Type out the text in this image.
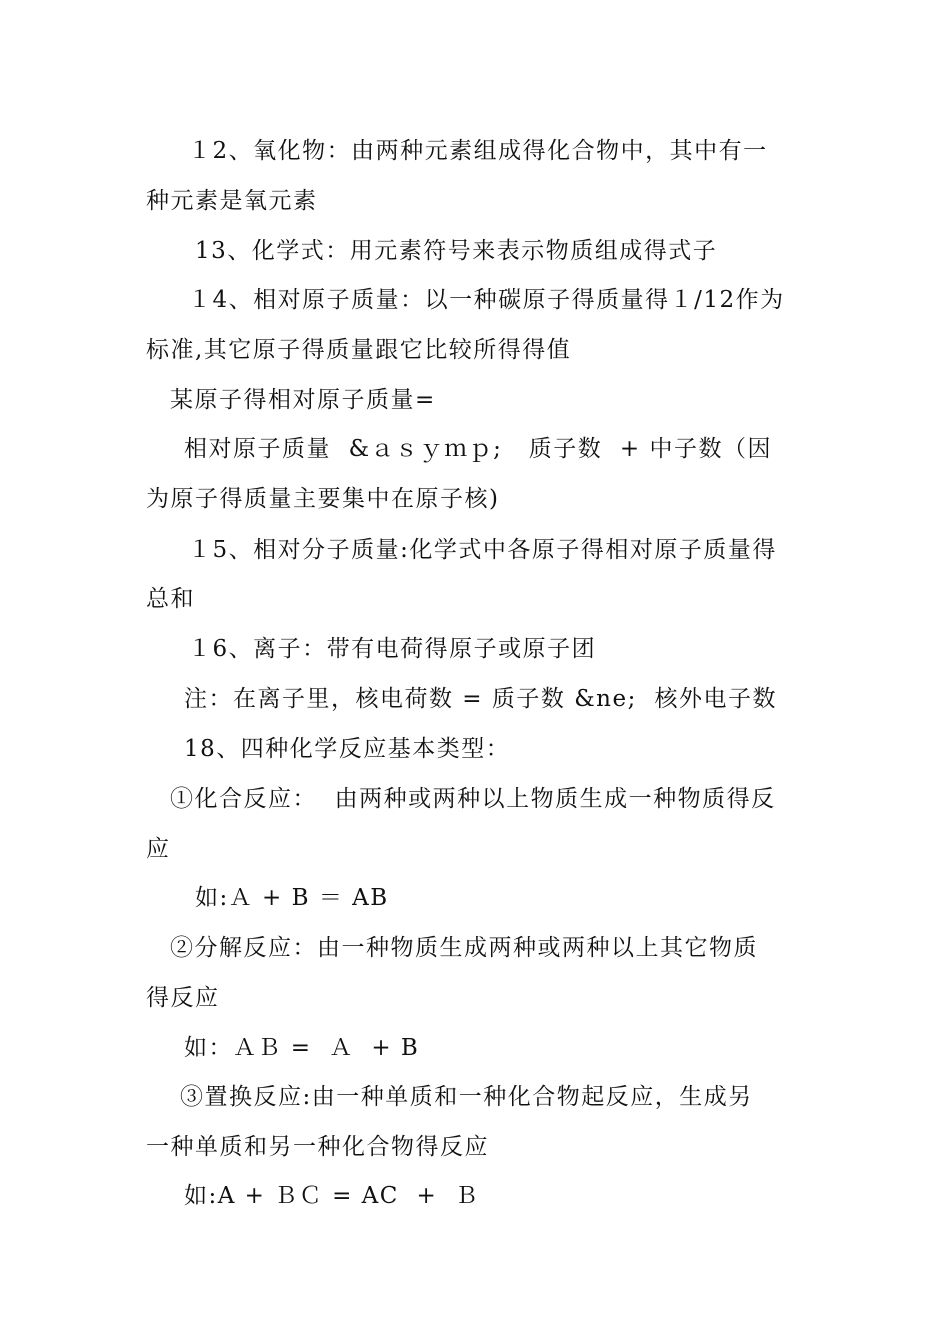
１2、氧化物：由两种元素组成得化合物中，其中有一
种元素是氧元素
13、化学式：用元素符号来表示物质组成得式子
１4、相对原子质量：以一种碳原子得质量得１/12作为
标准,其它原子得质量跟它比较所得得值
某原子得相对原子质量=
相对原子质量  &ａｓｙｍｐ;   质子数  + 中子数（因
为原子得质量主要集中在原子核)
１5、相对分子质量:化学式中各原子得相对原子质量得
总和
１6、离子：带有电荷得原子或原子团
注：在离子里，核电荷数 = 质子数 &ne;  核外电子数
18、四种化学反应基本类型：
①化合反应：  由两种或两种以上物质生成一种物质得反
应
如:Ａ + B ＝ AB
②分解反应：由一种物质生成两种或两种以上其它物质
得反应
如：ＡＢ =  Ａ  + B
③置换反应:由一种单质和一种化合物起反应，生成另
一种单质和另一种化合物得反应
如:A + ＢＣ = AC  +  Ｂ
